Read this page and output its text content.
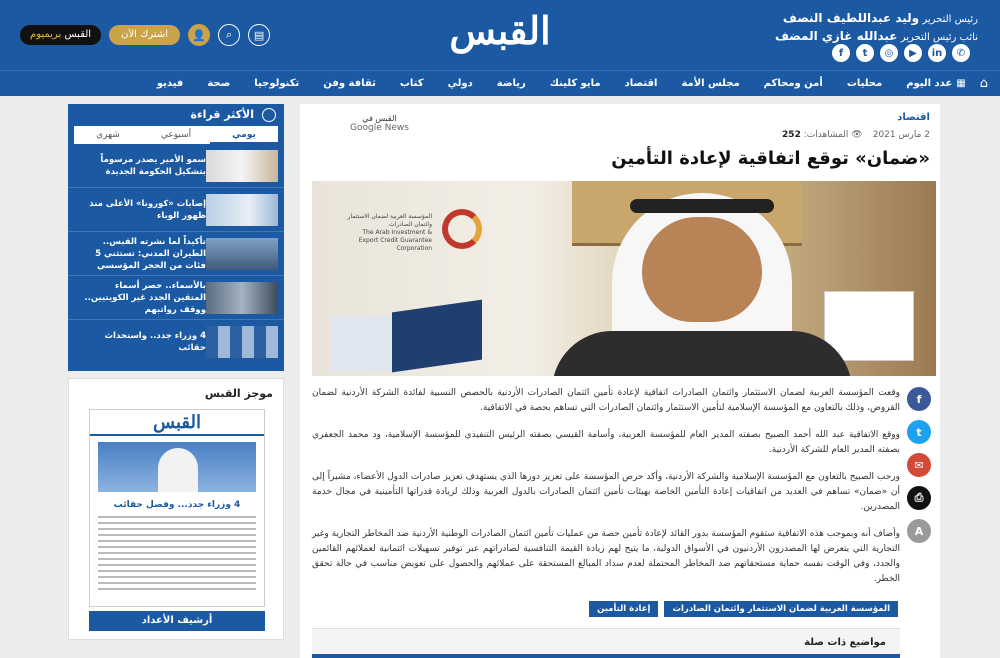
رئيس التحرير وليد عبداللطيف النصف
نائب رئيس التحرير عبدالله غازي المضف
f	t	◎	▶	in	✆
القبس
القبس بريميوم	اشترك الآن	👤	⌕	▤
⌂
▦
عدد اليوم
محليات
أمن ومحاكم
مجلس الأمة
اقتصاد
مايو كلينك
رياضة
دولي
كتاب
ثقافة وفن
تكنولوجيا
صحة
فيديو
الأكثر قراءة
يومي
أسبوعي
شهري
سمو الأمير يصدر مرسوماً بتشكيل الحكومة الجديدة
إصابات «كورونا» الأعلى منذ ظهور الوباء
تأكيداً لما نشرته القبس.. الطيران المدني: تستثني 5 فئات من الحجر المؤسسي
بالأسماء.. حصر أسماء المتقين الجدد غير الكويتيين.. ووقف رواتبهم
4 وزراء جدد.. واستحداث حقائب
موجز القبس
القبس
4 وزراء جدد... وفصل حقائب
أرشيف الأعداد
اقتصاد
2 مارس 2021
👁 المشاهدات: 252
القبس في
Google News
«ضمان» توقع اتفاقية لإعادة التأمين
المؤسسة العربية لضمان الاستثمار وائتمان الصادرات
The Arab Investment & Export Credit Guarantee Corporation
f
t
✉
⎙
A

وقعت المؤسسة العربية لضمان الاستثمار وائتمان الصادرات اتفاقية لإعادة تأمين ائتمان الصادرات الأردنية بالحصص النسبية لفائدة الشركة الأردنية لضمان القروض، وذلك بالتعاون مع المؤسسة الإسلامية لتأمين الاستثمار وائتمان الصادرات التي تساهم بحصة في الاتفاقية.

ووقع الاتفاقية عبد الله أحمد الصبيح بصفته المدير العام للمؤسسة العربية، وأسامة القيسي بصفته الرئيس التنفيذي للمؤسسة الإسلامية، ود محمد الجعفري بصفته المدير العام للشركة الأردنية.

ورحب الصبيح بالتعاون مع المؤسسة الإسلامية والشركة الأردنية، وأكد حرص المؤسسة على تعزيز دورها الذي يستهدف تعزيز صادرات الدول الأعضاء، مشيراً إلى أن «ضمان» تساهم في العديد من اتفاقيات إعادة التأمين الخاصة بهيئات تأمين ائتمان الصادرات بالدول العربية وذلك لزيادة قدراتها التأمينية في مجال خدمة المصدرين.

وأضاف أنه وبموجب هذه الاتفاقية ستقوم المؤسسة بدور القائد لإعادة تأمين حصة من عمليات تأمين ائتمان الصادرات الوطنية الأردنية ضد المخاطر التجارية وغير التجارية التي يتعرض لها المصدرون الأردنيون في الأسواق الدولية، ما يتيح لهم زيادة القيمة التنافسية لصادراتهم عبر توفير تسهيلات ائتمانية لعملائهم القائمين والجدد، وفي الوقت نفسه حماية مستحقاتهم ضد المخاطر المحتملة لعدم سداد المبالغ المستحقة على عملائهم والحصول على تعويض مناسب في حالة تحقق الخطر.

المؤسسة العربية لضمان الاستثمار وائتمان الصادرات
إعادة التأمين
مواضيع ذات صلة
